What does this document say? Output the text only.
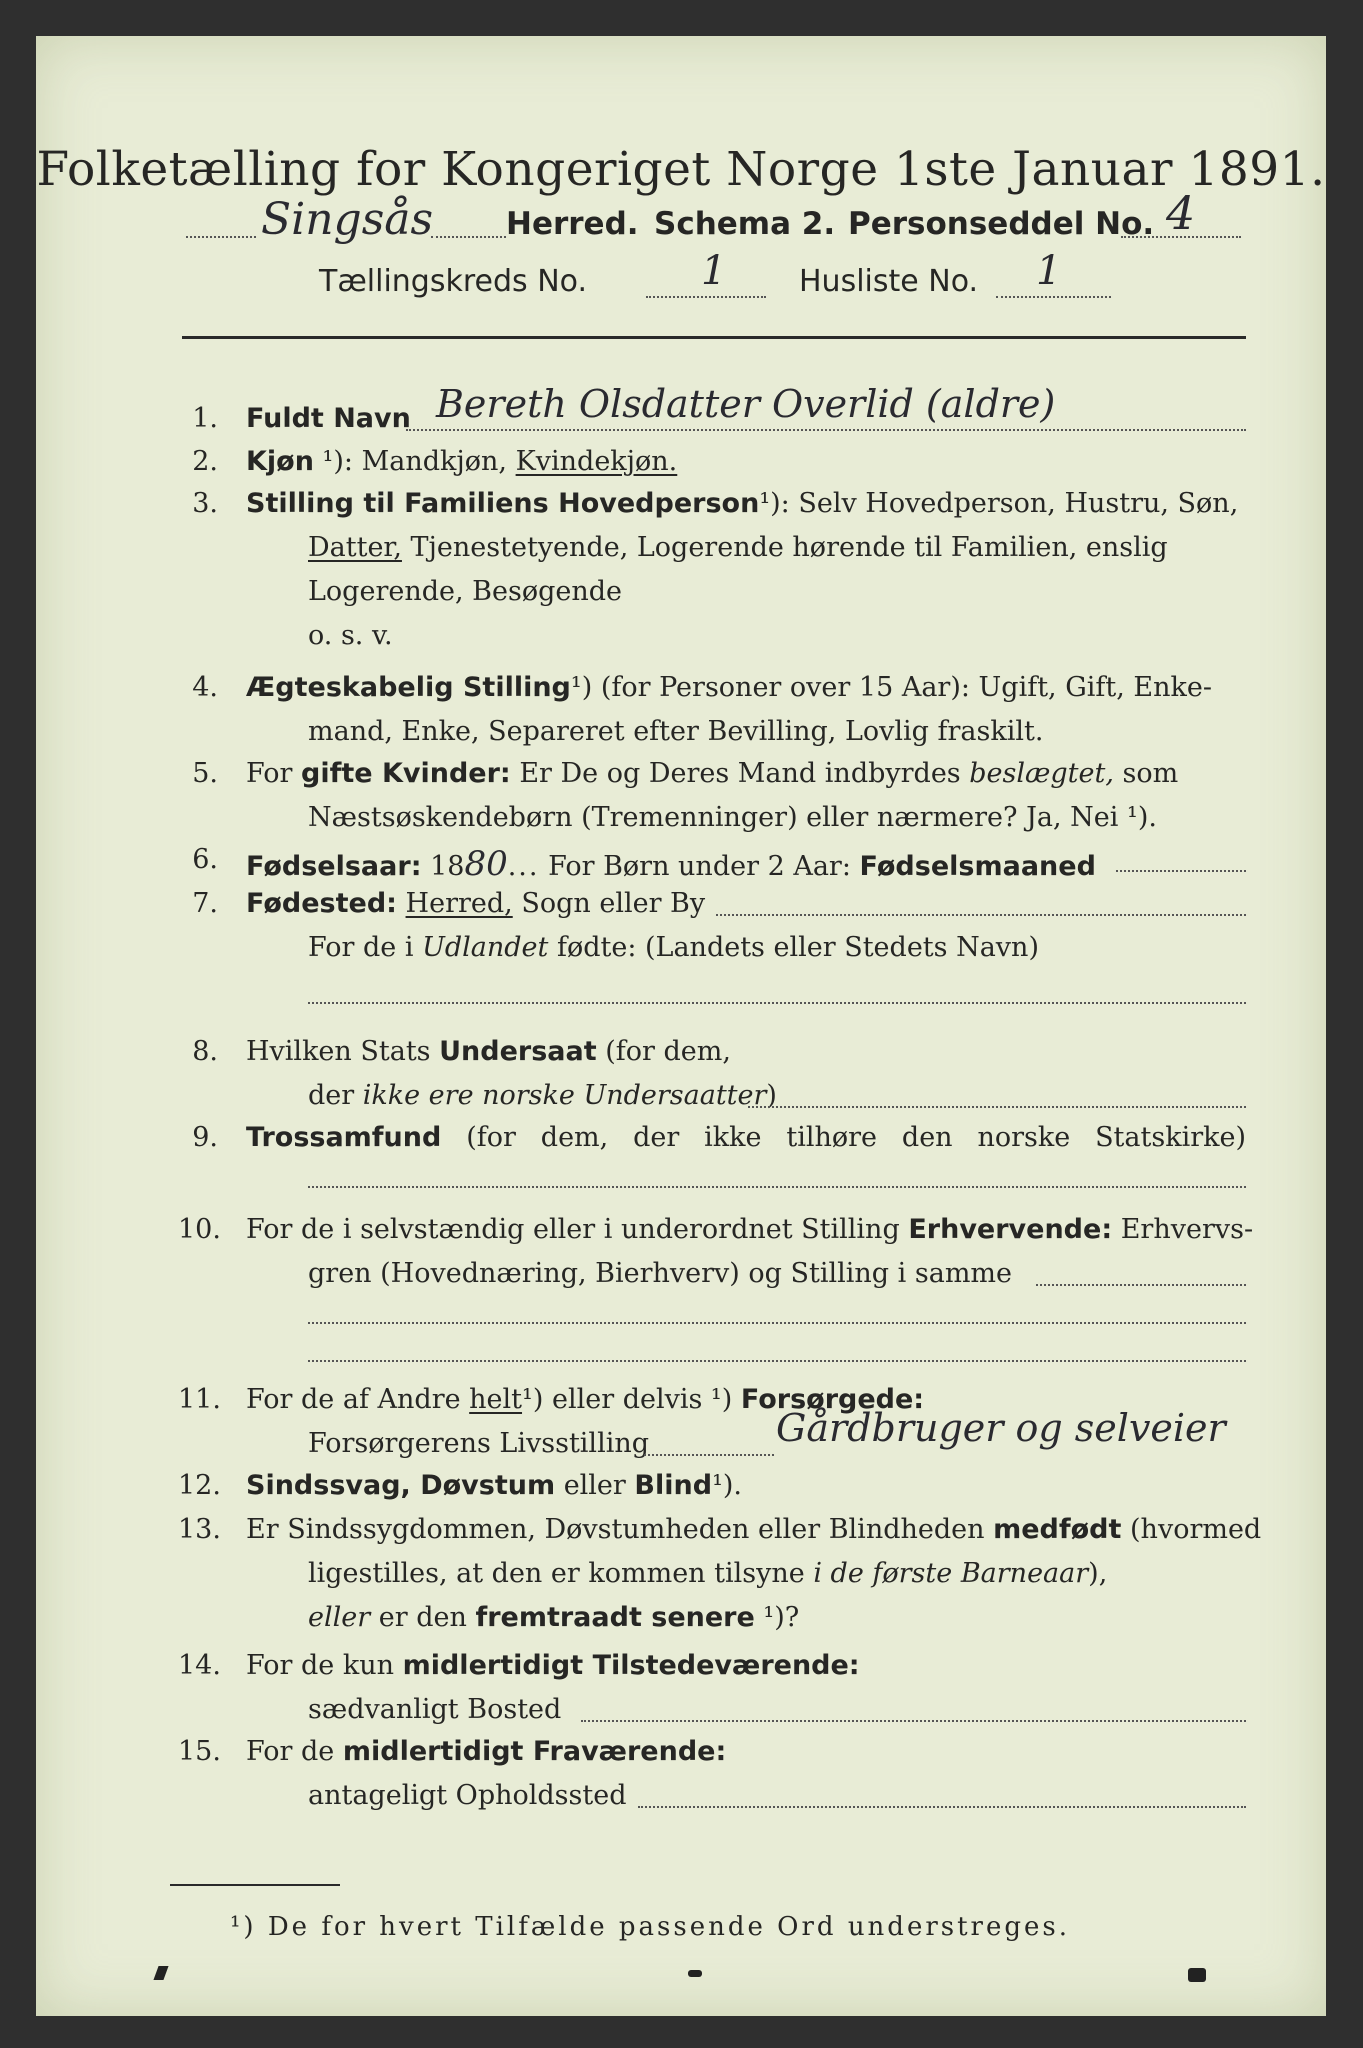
Folketælling for Kongeriget Norge 1ste Januar 1891.
Singsås Herred. Schema 2. Personseddel No. 4
Tællingskreds No.	1 Husliste No. 1
1. Fuldt Navn Bereth Olsdatter Overlid (aldre)
2. Kjøn ¹): Mandkjøn, Kvindekjøn.
3. Stilling til Familiens Hovedperson¹): Selv Hovedperson, Hustru, Søn,
Datter, Tjenestetyende, Logerende hørende til Familien, enslig
Logerende, Besøgende
o. s. v.
4. Ægteskabelig Stilling¹) (for Personer over 15 Aar): Ugift, Gift, Enke-
mand, Enke, Separeret efter Bevilling, Lovlig fraskilt.
5. For gifte Kvinder: Er De og Deres Mand indbyrdes beslægtet, som
Næstsøskendebørn (Tremenninger) eller nærmere? Ja, Nei ¹).
6. Fødselsaar: 1880... For Børn under 2 Aar: Fødselsmaaned
7. Fødested: Herred, Sogn eller By
For de i Udlandet fødte: (Landets eller Stedets Navn)
8. Hvilken Stats Undersaat (for dem,
der ikke ere norske Undersaatter)
9. Trossamfund (for dem, der ikke tilhøre den norske Statskirke)
10. For de i selvstændig eller i underordnet Stilling Erhvervende: Erhvervs-
gren (Hovednæring, Bierhverv) og Stilling i samme
11. For de af Andre helt¹) eller delvis ¹) Forsørgede:
Forsørgerens Livsstilling	Gårdbruger og selveier
12. Sindssvag, Døvstum eller Blind¹).
13. Er Sindssygdommen, Døvstumheden eller Blindheden medfødt (hvormed
ligestilles, at den er kommen tilsyne i de første Barneaar),
eller er den fremtraadt senere ¹)?
14. For de kun midlertidigt Tilstedeværende:
sædvanligt Bosted
15. For de midlertidigt Fraværende:
antageligt Opholdssted
¹) De for hvert Tilfælde passende Ord understreges.
